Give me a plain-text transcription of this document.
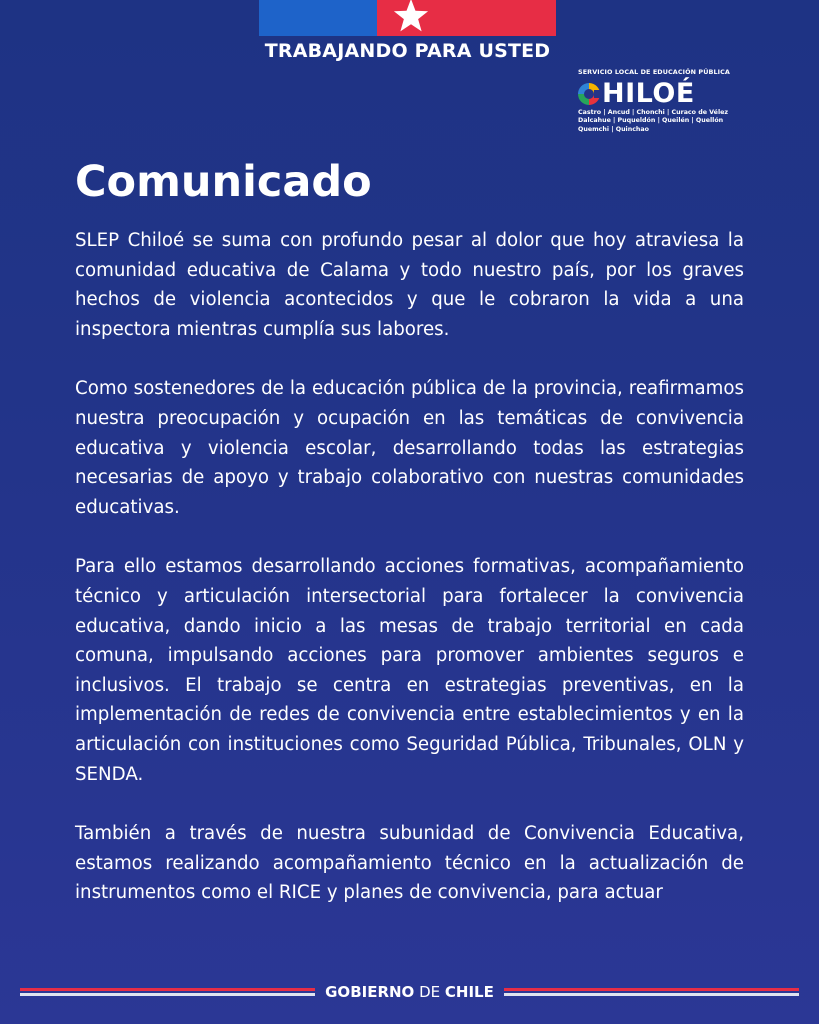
TRABAJANDO PARA USTED
SERVICIO LOCAL DE EDUCACIÓN PÚBLICA
HILOÉ
Castro | Ancud | Chonchi | Curaco de Vélez
Dalcahue | Puqueldón | Queilén | Quellón
Quemchi | Quinchao
Comunicado

SLEP Chiloé se suma con profundo pesar al dolor que hoy atraviesa la comunidad educativa de Calama y todo nuestro país, por los graves hechos de violencia acontecidos y que le cobraron la vida a una inspectora mientras cumplía sus labores.

Como sostenedores de la educación pública de la provincia, reafirmamos nuestra preocupación y ocupación en las temáticas de convivencia educativa y violencia escolar, desarrollando todas las estrategias necesarias de apoyo y trabajo colaborativo con nuestras comunidades educativas.

Para ello estamos desarrollando acciones formativas, acompañamiento técnico y articulación intersectorial para fortalecer la convivencia educativa, dando inicio a las mesas de trabajo territorial en cada comuna, impulsando acciones para promover ambientes seguros e inclusivos. El trabajo se centra en estrategias preventivas, en la implementación de redes de convivencia entre establecimientos y en la articulación con instituciones como Seguridad Pública, Tribunales, OLN y SENDA.

También a través de nuestra subunidad de Convivencia Educativa, estamos realizando acompañamiento técnico en la actualización de instrumentos como el RICE y planes de convivencia, para actuar

GOBIERNO DE CHILE
